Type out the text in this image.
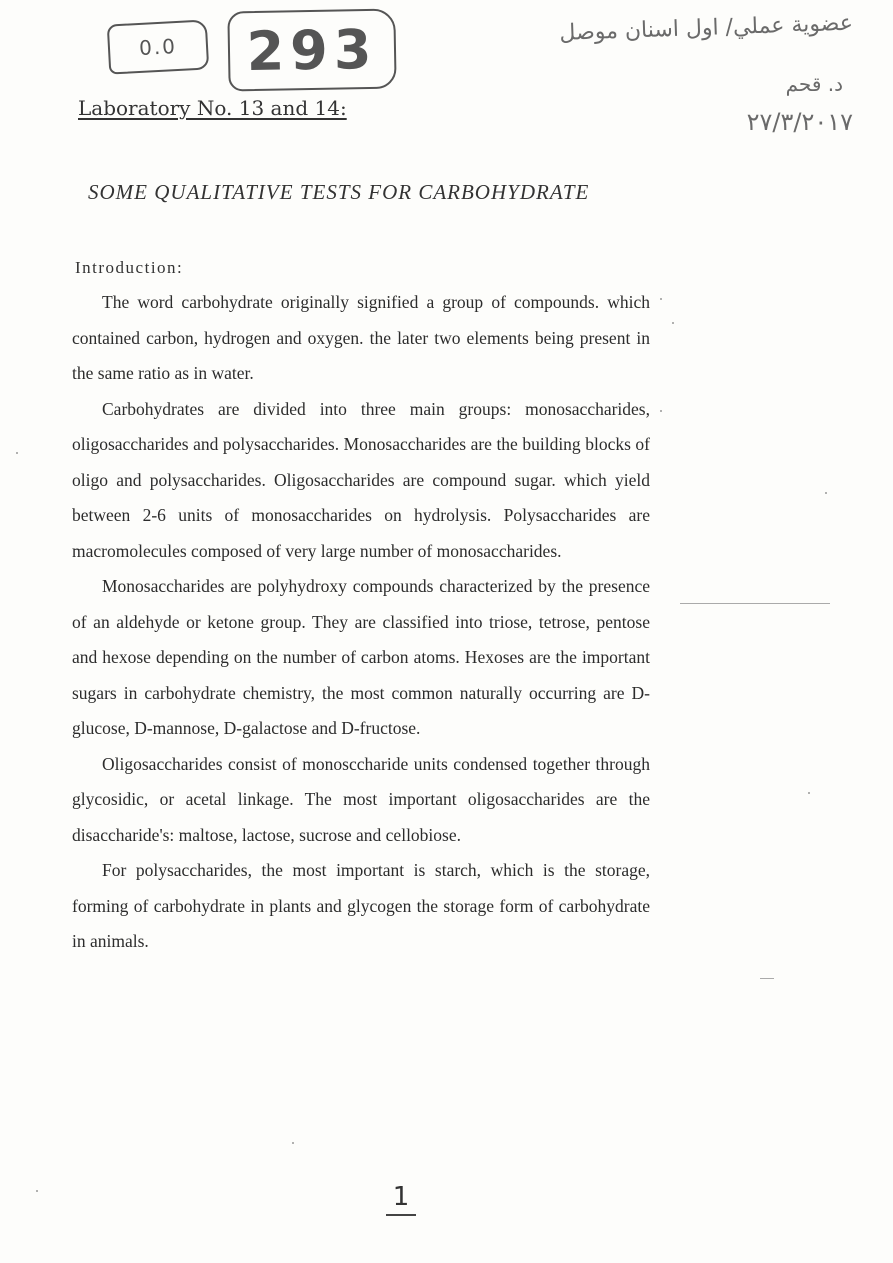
0.0	293	عضوية عملي/ اول اسنان موصل
د. قحم
٢٧/٣/٢٠١٧
Laboratory No. 13 and 14:
SOME QUALITATIVE TESTS FOR CARBOHYDRATE
Introduction:

The word carbohydrate originally signified a group of compounds. which contained carbon, hydrogen and oxygen. the later two elements being present in the same ratio as in water.

Carbohydrates are divided into three main groups: monosaccharides, oligosaccharides and polysaccharides. Monosaccharides are the building blocks of oligo and polysaccharides. Oligosaccharides are compound sugar. which yield between 2-6 units of monosaccharides on hydrolysis. Polysaccharides are macromolecules composed of very large number of monosaccharides.

Monosaccharides are polyhydroxy compounds characterized by the presence of an aldehyde or ketone group. They are classified into triose, tetrose, pentose and hexose depending on the number of carbon atoms. Hexoses are the important sugars in carbohydrate chemistry, the most common naturally occurring are D-glucose, D-mannose, D-galactose and D-fructose.

Oligosaccharides consist of monosccharide units condensed together through glycosidic, or acetal linkage. The most important oligosaccharides are the disaccharide's: maltose, lactose, sucrose and cellobiose.

For polysaccharides, the most important is starch, which is the storage, forming of carbohydrate in plants and glycogen the storage form of carbohydrate in animals.

1
